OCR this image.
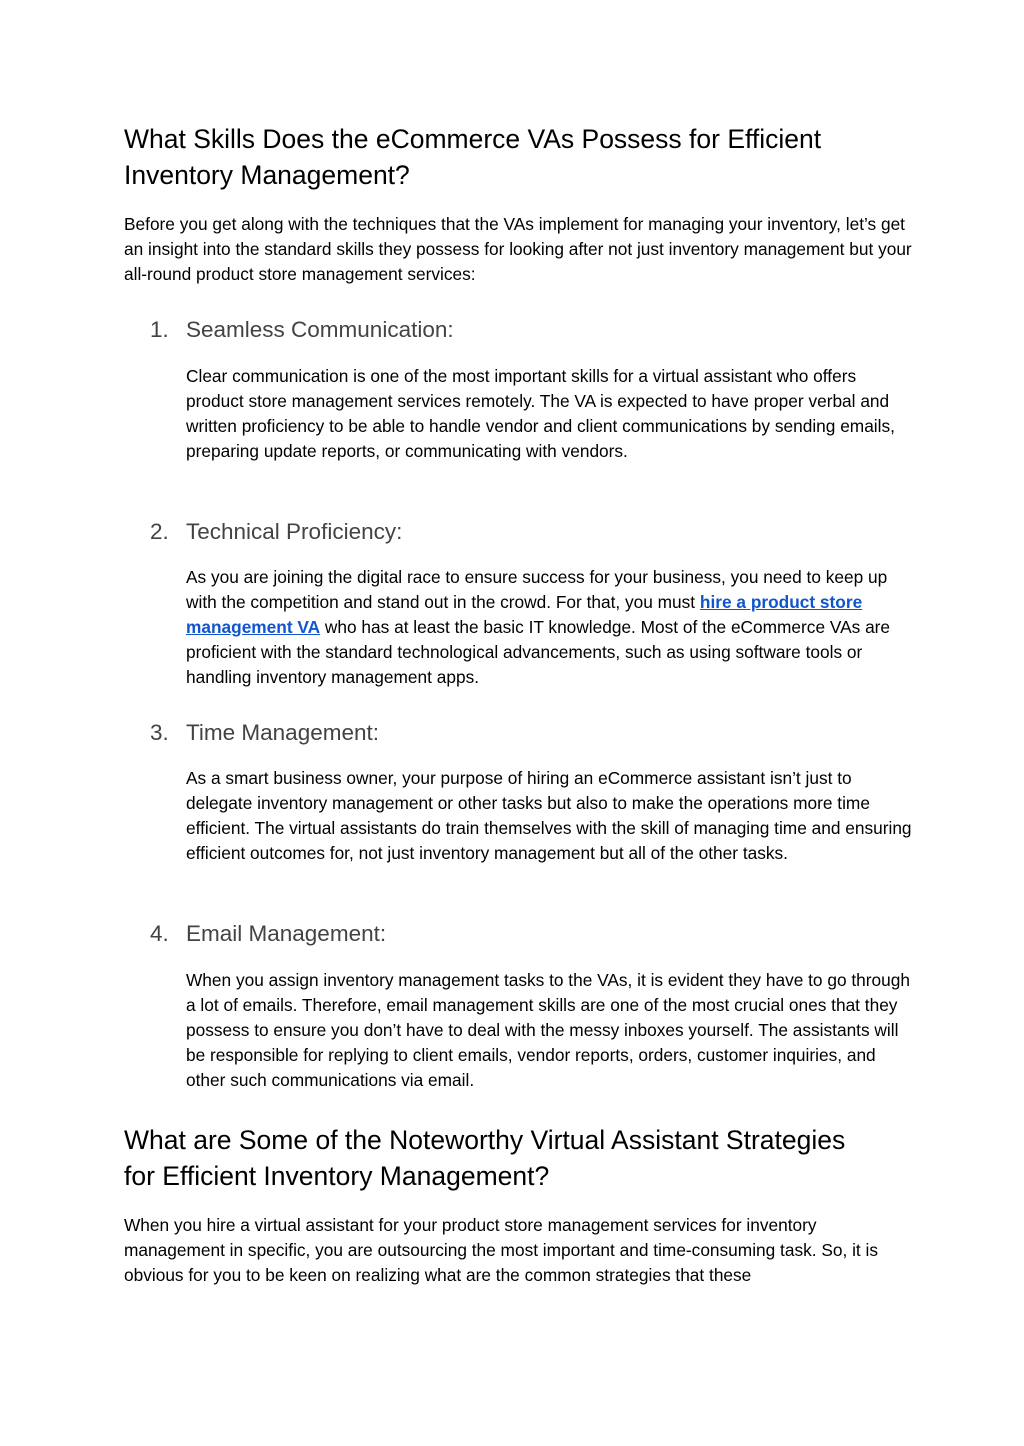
What Skills Does the eCommerce VAs Possess for Efficient
Inventory Management?

Before you get along with the techniques that the VAs implement for managing your inventory, let’s get an insight into the standard skills they possess for looking after not just inventory management but your all-round product store management services:

1. Seamless Communication:

Clear communication is one of the most important skills for a virtual assistant who offers product store management services remotely. The VA is expected to have proper verbal and written proficiency to be able to handle vendor and client communications by sending emails, preparing update reports, or communicating with vendors.

2. Technical Proficiency:

As you are joining the digital race to ensure success for your business, you need to keep up with the competition and stand out in the crowd. For that, you must hire a product store management VA who has at least the basic IT knowledge. Most of the eCommerce VAs are proficient with the standard technological advancements, such as using software tools or handling inventory management apps.

3. Time Management:

As a smart business owner, your purpose of hiring an eCommerce assistant isn’t just to delegate inventory management or other tasks but also to make the operations more time efficient. The virtual assistants do train themselves with the skill of managing time and ensuring efficient outcomes for, not just inventory management but all of the other tasks.

4. Email Management:

When you assign inventory management tasks to the VAs, it is evident they have to go through a lot of emails. Therefore, email management skills are one of the most crucial ones that they possess to ensure you don’t have to deal with the messy inboxes yourself. The assistants will be responsible for replying to client emails, vendor reports, orders, customer inquiries, and other such communications via email.

What are Some of the Noteworthy Virtual Assistant Strategies
for Efficient Inventory Management?

When you hire a virtual assistant for your product store management services for inventory management in specific, you are outsourcing the most important and time-consuming task. So, it is obvious for you to be keen on realizing what are the common strategies that these
